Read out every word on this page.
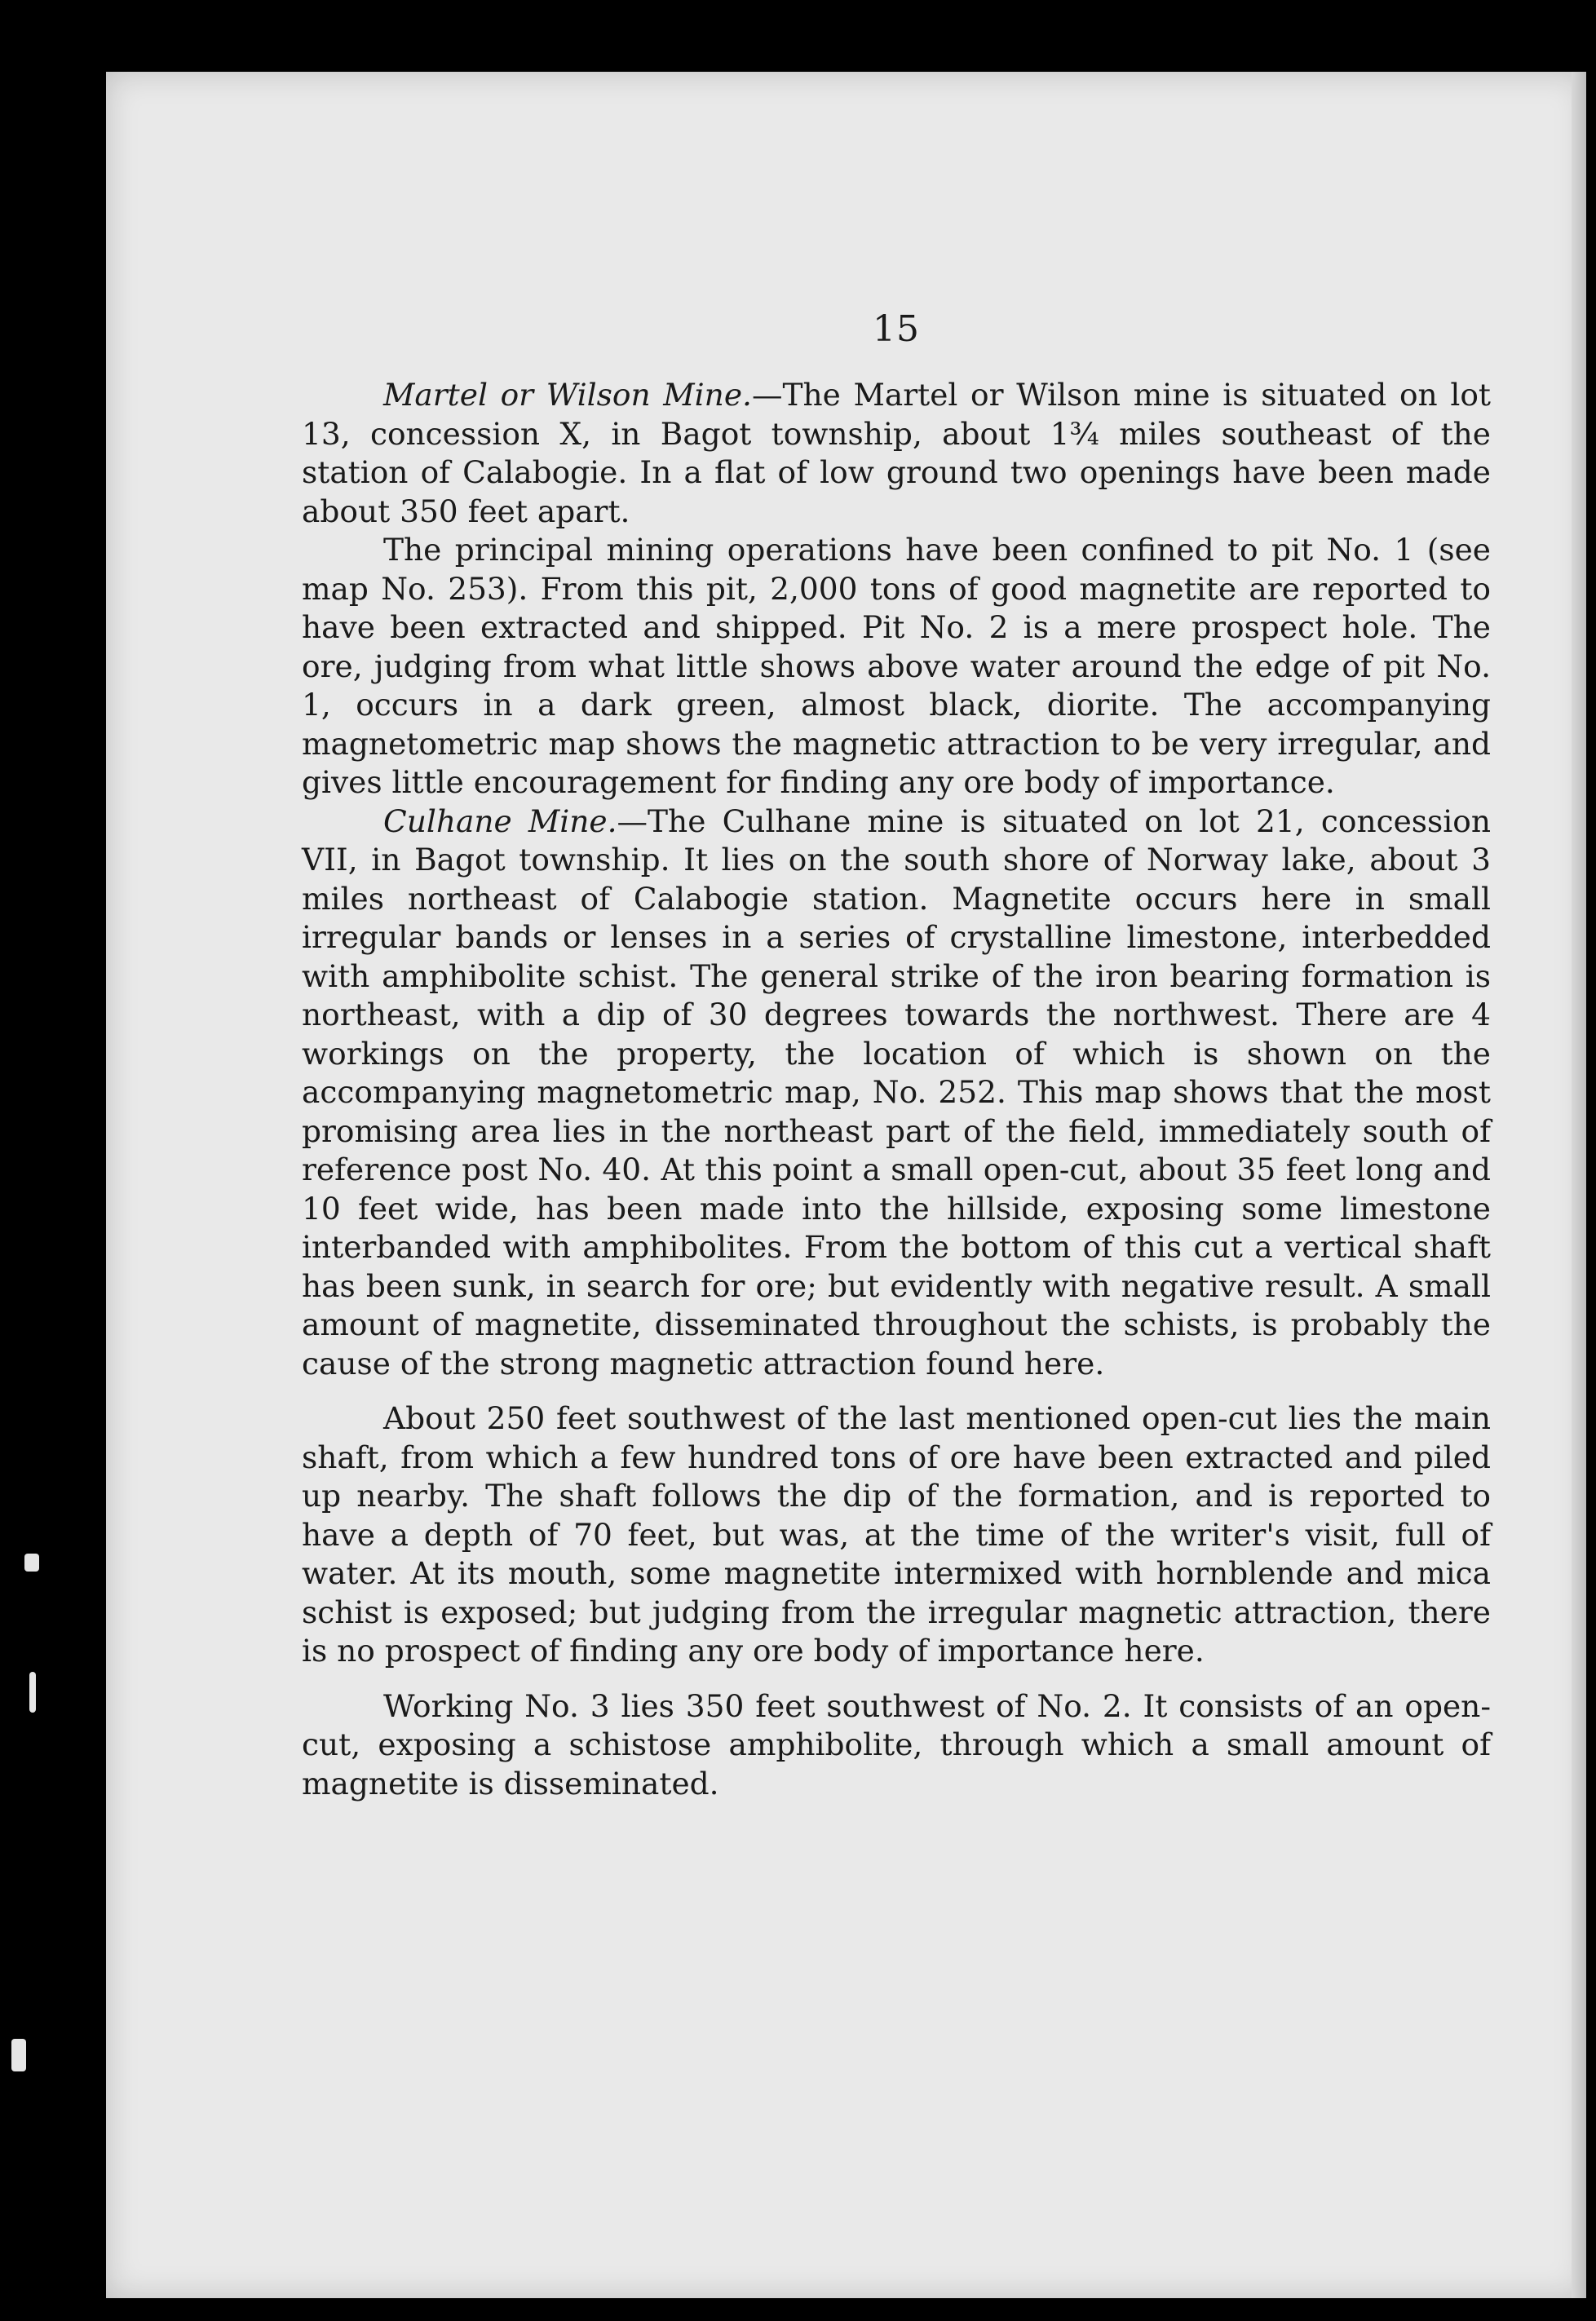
15

Martel or Wilson Mine.—The Martel or Wilson mine is situated on lot 13, concession X, in Bagot township, about 1¾ miles southeast of the station of Calabogie. In a flat of low ground two openings have been made about 350 feet apart.

The principal mining operations have been confined to pit No. 1 (see map No. 253). From this pit, 2,000 tons of good magnetite are reported to have been extracted and shipped. Pit No. 2 is a mere prospect hole. The ore, judging from what little shows above water around the edge of pit No. 1, occurs in a dark green, almost black, diorite. The accompanying magnetometric map shows the magnetic attraction to be very irregular, and gives little encouragement for finding any ore body of importance.

Culhane Mine.—The Culhane mine is situated on lot 21, concession VII, in Bagot township. It lies on the south shore of Norway lake, about 3 miles northeast of Calabogie station. Magnetite occurs here in small irregular bands or lenses in a series of crystalline limestone, interbedded with amphibolite schist. The general strike of the iron bearing formation is northeast, with a dip of 30 degrees towards the northwest. There are 4 workings on the property, the location of which is shown on the accompanying magnetometric map, No. 252. This map shows that the most promising area lies in the northeast part of the field, immediately south of reference post No. 40. At this point a small open-cut, about 35 feet long and 10 feet wide, has been made into the hillside, exposing some limestone interbanded with amphibolites. From the bottom of this cut a vertical shaft has been sunk, in search for ore; but evidently with negative result. A small amount of magnetite, disseminated throughout the schists, is probably the cause of the strong magnetic attraction found here.

About 250 feet southwest of the last mentioned open-cut lies the main shaft, from which a few hundred tons of ore have been extracted and piled up nearby. The shaft follows the dip of the formation, and is reported to have a depth of 70 feet, but was, at the time of the writer's visit, full of water. At its mouth, some magnetite intermixed with hornblende and mica schist is exposed; but judging from the irregular magnetic attraction, there is no prospect of finding any ore body of importance here.

Working No. 3 lies 350 feet southwest of No. 2. It consists of an open-cut, exposing a schistose amphibolite, through which a small amount of magnetite is disseminated.
